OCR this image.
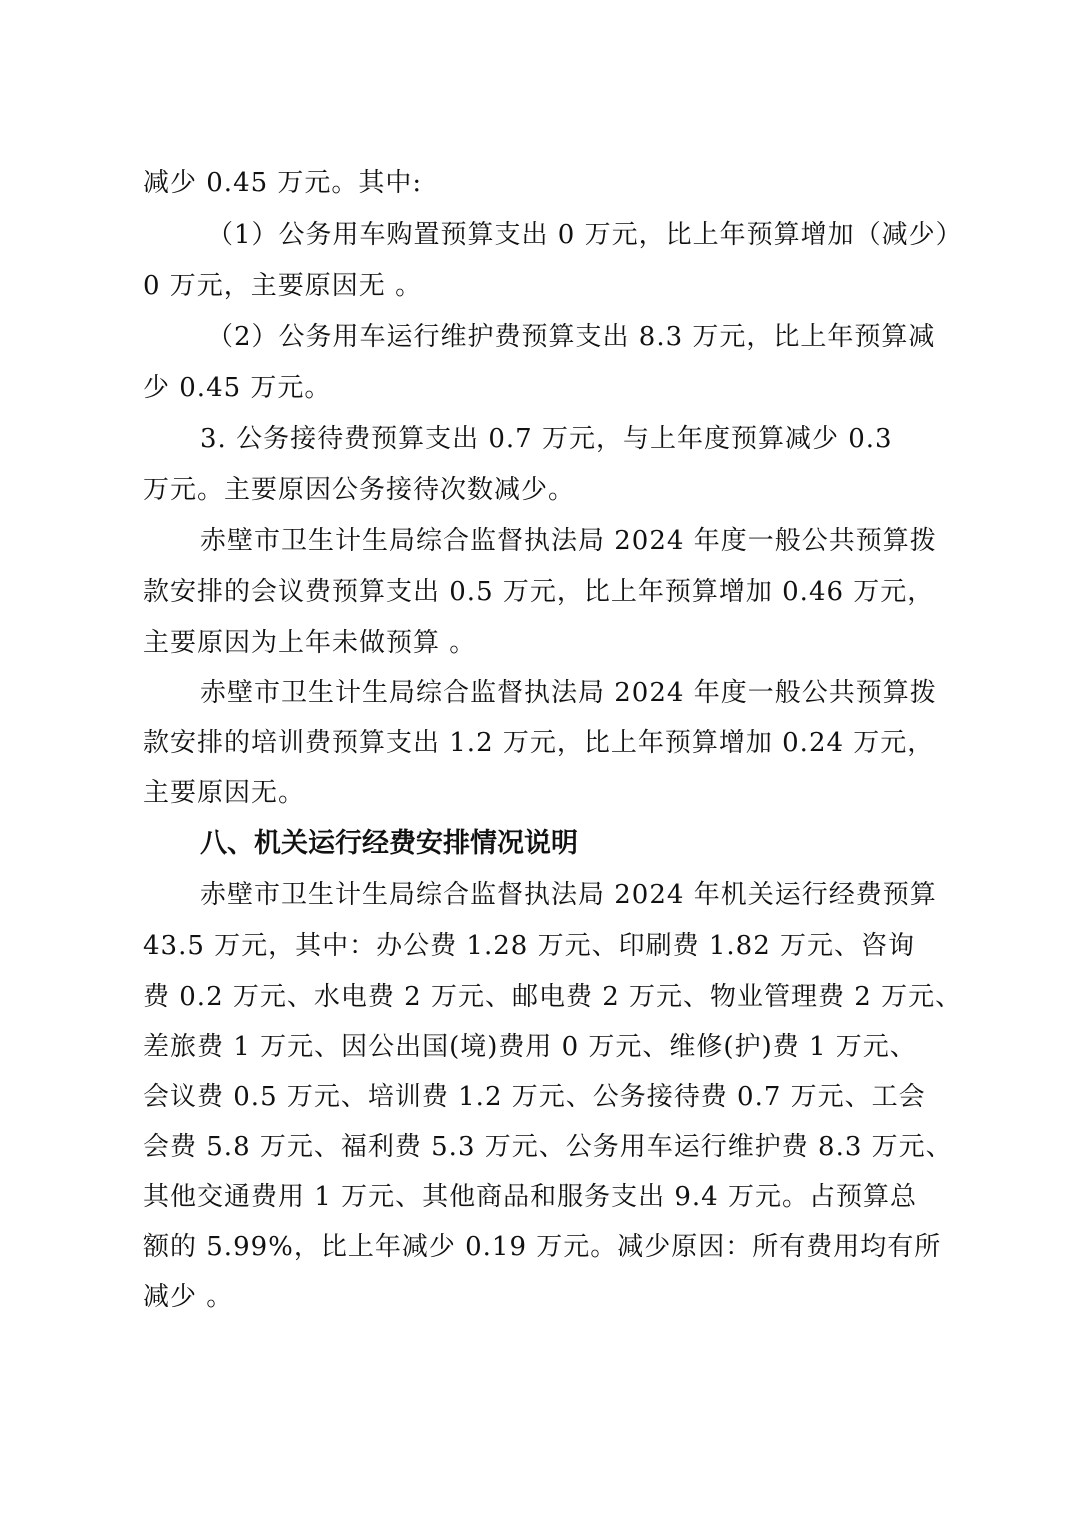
减少 0.45 万元。其中:
（1）公务用车购置预算支出 0 万元，比上年预算增加（减少）
0 万元，主要原因无 。
（2）公务用车运行维护费预算支出 8.3 万元，比上年预算减
少 0.45 万元。
3. 公务接待费预算支出 0.7 万元，与上年度预算减少 0.3
万元。主要原因公务接待次数减少。
赤壁市卫生计生局综合监督执法局 2024 年度一般公共预算拨
款安排的会议费预算支出 0.5 万元，比上年预算增加 0.46 万元，
主要原因为上年未做预算 。
赤壁市卫生计生局综合监督执法局 2024 年度一般公共预算拨
款安排的培训费预算支出 1.2 万元，比上年预算增加 0.24 万元，
主要原因无。
八、机关运行经费安排情况说明
赤壁市卫生计生局综合监督执法局 2024 年机关运行经费预算
43.5 万元，其中：办公费 1.28 万元、印刷费 1.82 万元、咨询
费 0.2 万元、水电费 2 万元、邮电费 2 万元、物业管理费 2 万元、
差旅费 1 万元、因公出国(境)费用 0 万元、维修(护)费 1 万元、
会议费 0.5 万元、培训费 1.2 万元、公务接待费 0.7 万元、工会
会费 5.8 万元、福利费 5.3 万元、公务用车运行维护费 8.3 万元、
其他交通费用 1 万元、其他商品和服务支出 9.4 万元。占预算总
额的 5.99%，比上年减少 0.19 万元。减少原因：所有费用均有所
减少 。
